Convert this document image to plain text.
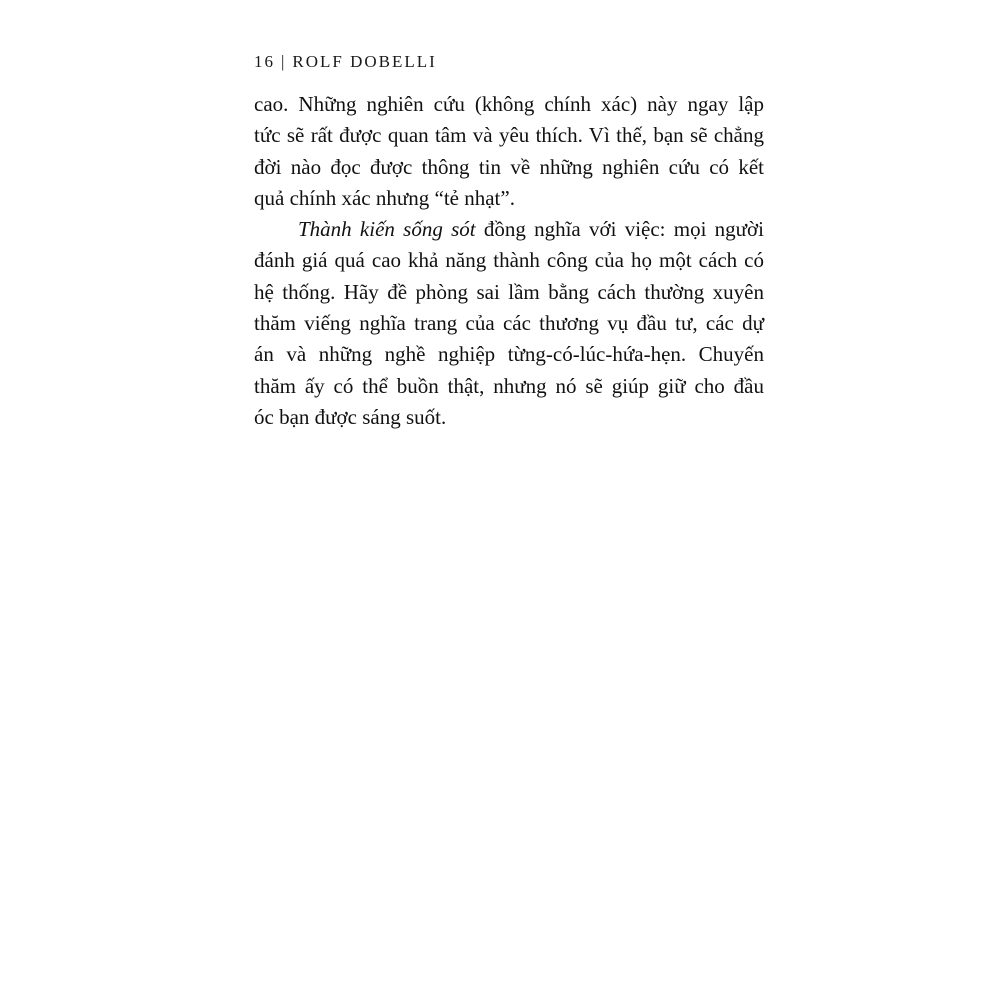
16 | ROLF DOBELLI
cao. Những nghiên cứu (không chính xác) này ngay lập
tức sẽ rất được quan tâm và yêu thích. Vì thế, bạn sẽ chẳng
đời nào đọc được thông tin về những nghiên cứu có kết
quả chính xác nhưng “tẻ nhạt”.
Thành kiến sống sót đồng nghĩa với việc: mọi người
đánh giá quá cao khả năng thành công của họ một cách có
hệ thống. Hãy đề phòng sai lầm bằng cách thường xuyên
thăm viếng nghĩa trang của các thương vụ đầu tư, các dự
án và những nghề nghiệp từng-có-lúc-hứa-hẹn. Chuyến
thăm ấy có thể buồn thật, nhưng nó sẽ giúp giữ cho đầu
óc bạn được sáng suốt.
